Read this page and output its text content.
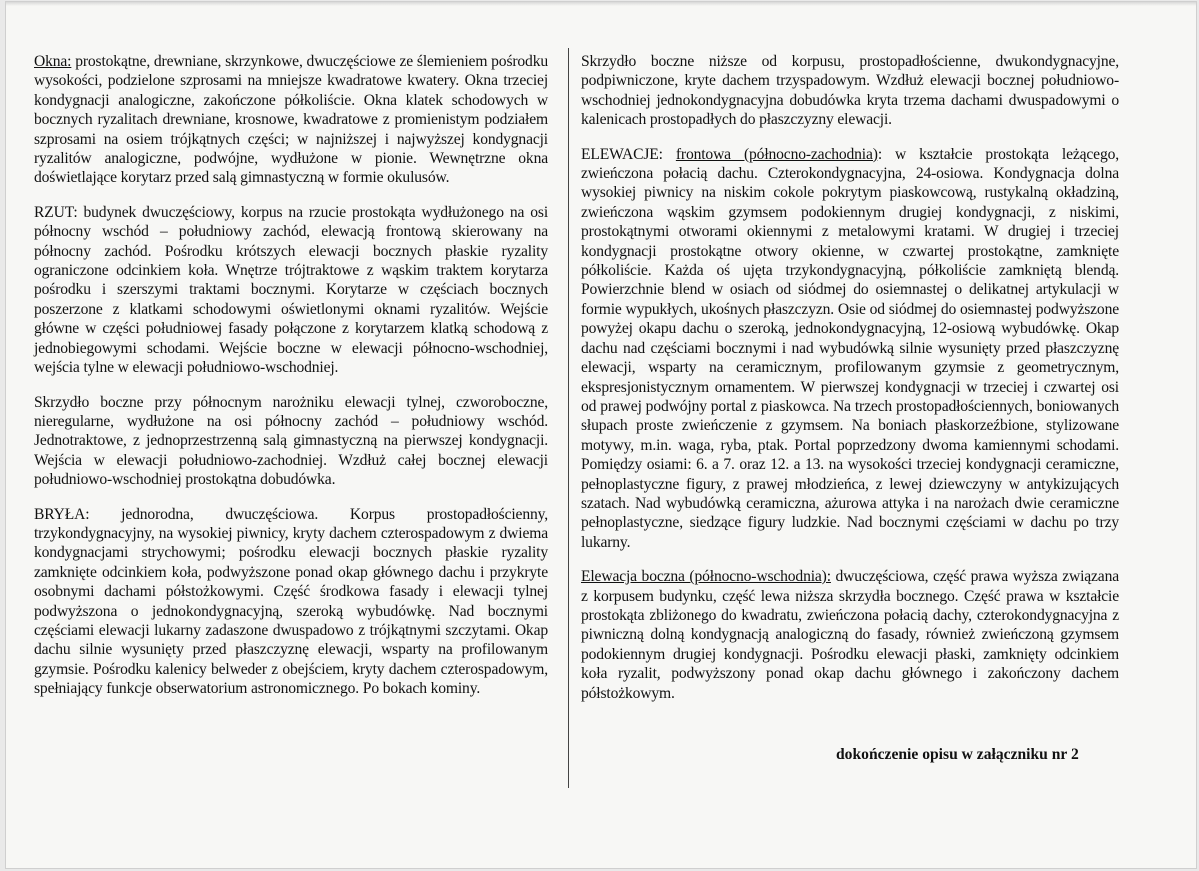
Okna: prostokątne, drewniane, skrzynkowe, dwuczęściowe ze ślemieniem pośrodku wysokości, podzielone szprosami na mniejsze kwadratowe kwatery. Okna trzeciej kondygnacji analogiczne, zakończone półkoliście. Okna klatek schodowych w bocznych ryzalitach drewniane, krosnowe, kwadratowe z promienistym podziałem szprosami na osiem trójkątnych części; w najniższej i najwyższej kondygnacji ryzalitów analogiczne, podwójne, wydłużone w pionie. Wewnętrzne okna doświetlające korytarz przed salą gimnastyczną w formie okulusów.

RZUT: budynek dwuczęściowy, korpus na rzucie prostokąta wydłużonego na osi północny wschód – południowy zachód, elewacją frontową skierowany na północny zachód. Pośrodku krótszych elewacji bocznych płaskie ryzality ograniczone odcinkiem koła. Wnętrze trójtraktowe z wąskim traktem korytarza pośrodku i szerszymi traktami bocznymi. Korytarze w częściach bocznych poszerzone z klatkami schodowymi oświetlonymi oknami ryzalitów. Wejście główne w części południowej fasady połączone z korytarzem klatką schodową z jednobiegowymi schodami. Wejście boczne w elewacji północno-wschodniej, wejścia tylne w elewacji południowo-wschodniej.

Skrzydło boczne przy północnym narożniku elewacji tylnej, czworoboczne, nieregularne, wydłużone na osi północny zachód – południowy wschód. Jednotraktowe, z jednoprzestrzenną salą gimnastyczną na pierwszej kondygnacji. Wejścia w elewacji południowo-zachodniej. Wzdłuż całej bocznej elewacji południowo-wschodniej prostokątna dobudówka.

BRYŁA: jednorodna, dwuczęściowa. Korpus prostopadłościenny, trzykondygnacyjny, na wysokiej piwnicy, kryty dachem czterospadowym z dwiema kondygnacjami strychowymi; pośrodku elewacji bocznych płaskie ryzality zamknięte odcinkiem koła, podwyższone ponad okap głównego dachu i przykryte osobnymi dachami półstożkowymi. Część środkowa fasady i elewacji tylnej podwyższona o jednokondygnacyjną, szeroką wybudówkę. Nad bocznymi częściami elewacji lukarny zadaszone dwuspadowo z trójkątnymi szczytami. Okap dachu silnie wysunięty przed płaszczyznę elewacji, wsparty na profilowanym gzymsie. Pośrodku kalenicy belweder z obejściem, kryty dachem czterospadowym, spełniający funkcje obserwatorium astronomicznego. Po bokach kominy.

Skrzydło boczne niższe od korpusu, prostopadłościenne, dwukondygnacyjne, podpiwniczone, kryte dachem trzyspadowym. Wzdłuż elewacji bocznej południowo-wschodniej jednokondygnacyjna dobudówka kryta trzema dachami dwuspadowymi o kalenicach prostopadłych do płaszczyzny elewacji.

ELEWACJE: frontowa (północno-zachodnia): w kształcie prostokąta leżącego, zwieńczona połacią dachu. Czterokondygnacyjna, 24-osiowa. Kondygnacja dolna wysokiej piwnicy na niskim cokole pokrytym piaskowcową, rustykalną okładziną, zwieńczona wąskim gzymsem podokiennym drugiej kondygnacji, z niskimi, prostokątnymi otworami okiennymi z metalowymi kratami. W drugiej i trzeciej kondygnacji prostokątne otwory okienne, w czwartej prostokątne, zamknięte półkoliście. Każda oś ujęta trzykondygnacyjną, półkoliście zamkniętą blendą. Powierzchnie blend w osiach od siódmej do osiemnastej o delikatnej artykulacji w formie wypukłych, ukośnych płaszczyzn. Osie od siódmej do osiemnastej podwyższone powyżej okapu dachu o szeroką, jednokondygnacyjną, 12-osiową wybudówkę. Okap dachu nad częściami bocznymi i nad wybudówką silnie wysunięty przed płaszczyznę elewacji, wsparty na ceramicznym, profilowanym gzymsie z geometrycznym, ekspresjonistycznym ornamentem. W pierwszej kondygnacji w trzeciej i czwartej osi od prawej podwójny portal z piaskowca. Na trzech prostopadłościennych, boniowanych słupach proste zwieńczenie z gzymsem. Na boniach płaskorzeźbione, stylizowane motywy, m.in. waga, ryba, ptak. Portal poprzedzony dwoma kamiennymi schodami. Pomiędzy osiami: 6. a 7. oraz 12. a 13. na wysokości trzeciej kondygnacji ceramiczne, pełnoplastyczne figury, z prawej młodzieńca, z lewej dziewczyny w antykizujących szatach. Nad wybudówką ceramiczna, ażurowa attyka i na narożach dwie ceramiczne pełnoplastyczne, siedzące figury ludzkie. Nad bocznymi częściami w dachu po trzy lukarny.

Elewacja boczna (północno-wschodnia): dwuczęściowa, część prawa wyższa związana z korpusem budynku, część lewa niższa skrzydła bocznego. Część prawa w kształcie prostokąta zbliżonego do kwadratu, zwieńczona połacią dachy, czterokondygnacyjna z piwniczną dolną kondygnacją analogiczną do fasady, również zwieńczoną gzymsem podokiennym drugiej kondygnacji. Pośrodku elewacji płaski, zamknięty odcinkiem koła ryzalit, podwyższony ponad okap dachu głównego i zakończony dachem półstożkowym.

dokończenie opisu w załączniku nr 2
